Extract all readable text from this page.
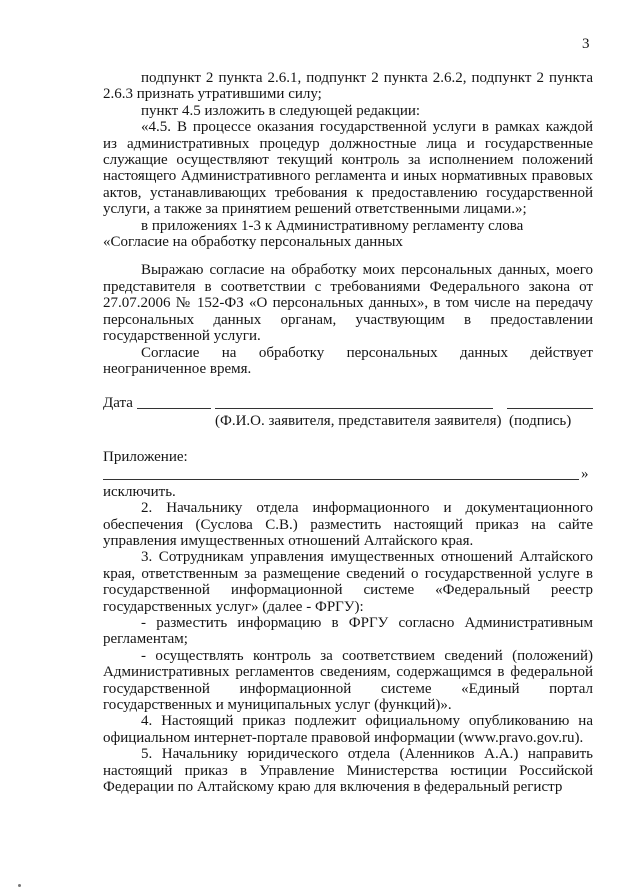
3

подпункт 2 пункта 2.6.1, подпункт 2 пункта 2.6.2, подпункт 2 пункта 2.6.3 признать утратившими силу;

пункт 4.5 изложить в следующей редакции:

«4.5. В процессе оказания государственной услуги в рамках каждой из административных процедур должностные лица и государственные служащие осуществляют текущий контроль за исполнением положений настоящего Административного регламента и иных нормативных правовых актов, устанавливающих требования к предоставлению государственной услуги, а также за принятием решений ответственными лицами.»;

в приложениях 1-3 к Административному регламенту слова

«Согласие на обработку персональных данных

Выражаю согласие на обработку моих персональных данных, моего представителя в соответствии с требованиями Федерального закона от 27.07.2006 № 152-ФЗ «О персональных данных», в том числе на передачу персональных данных органам, участвующим в предоставлении государственной услуги.

Согласие на обработку персональных данных действует неограниченное время.

Дата
(Ф.И.О. заявителя, представителя заявителя) (подпись)

Приложение:

»

исключить.

2. Начальнику отдела информационного и документационного обеспечения (Суслова С.В.) разместить настоящий приказ на сайте управления имущественных отношений Алтайского края.

3. Сотрудникам управления имущественных отношений Алтайского края, ответственным за размещение сведений о государственной услуге в государственной информационной системе «Федеральный реестр государственных услуг» (далее - ФРГУ):

- разместить информацию в ФРГУ согласно Административным регламентам;

- осуществлять контроль за соответствием сведений (положений) Административных регламентов сведениям, содержащимся в федеральной государственной информационной системе «Единый портал государственных и муниципальных услуг (функций)».

4. Настоящий приказ подлежит официальному опубликованию на официальном интернет-портале правовой информации (www.pravo.gov.ru).

5. Начальнику юридического отдела (Аленников А.А.) направить настоящий приказ в Управление Министерства юстиции Российской Федерации по Алтайскому краю для включения в федеральный регистр
